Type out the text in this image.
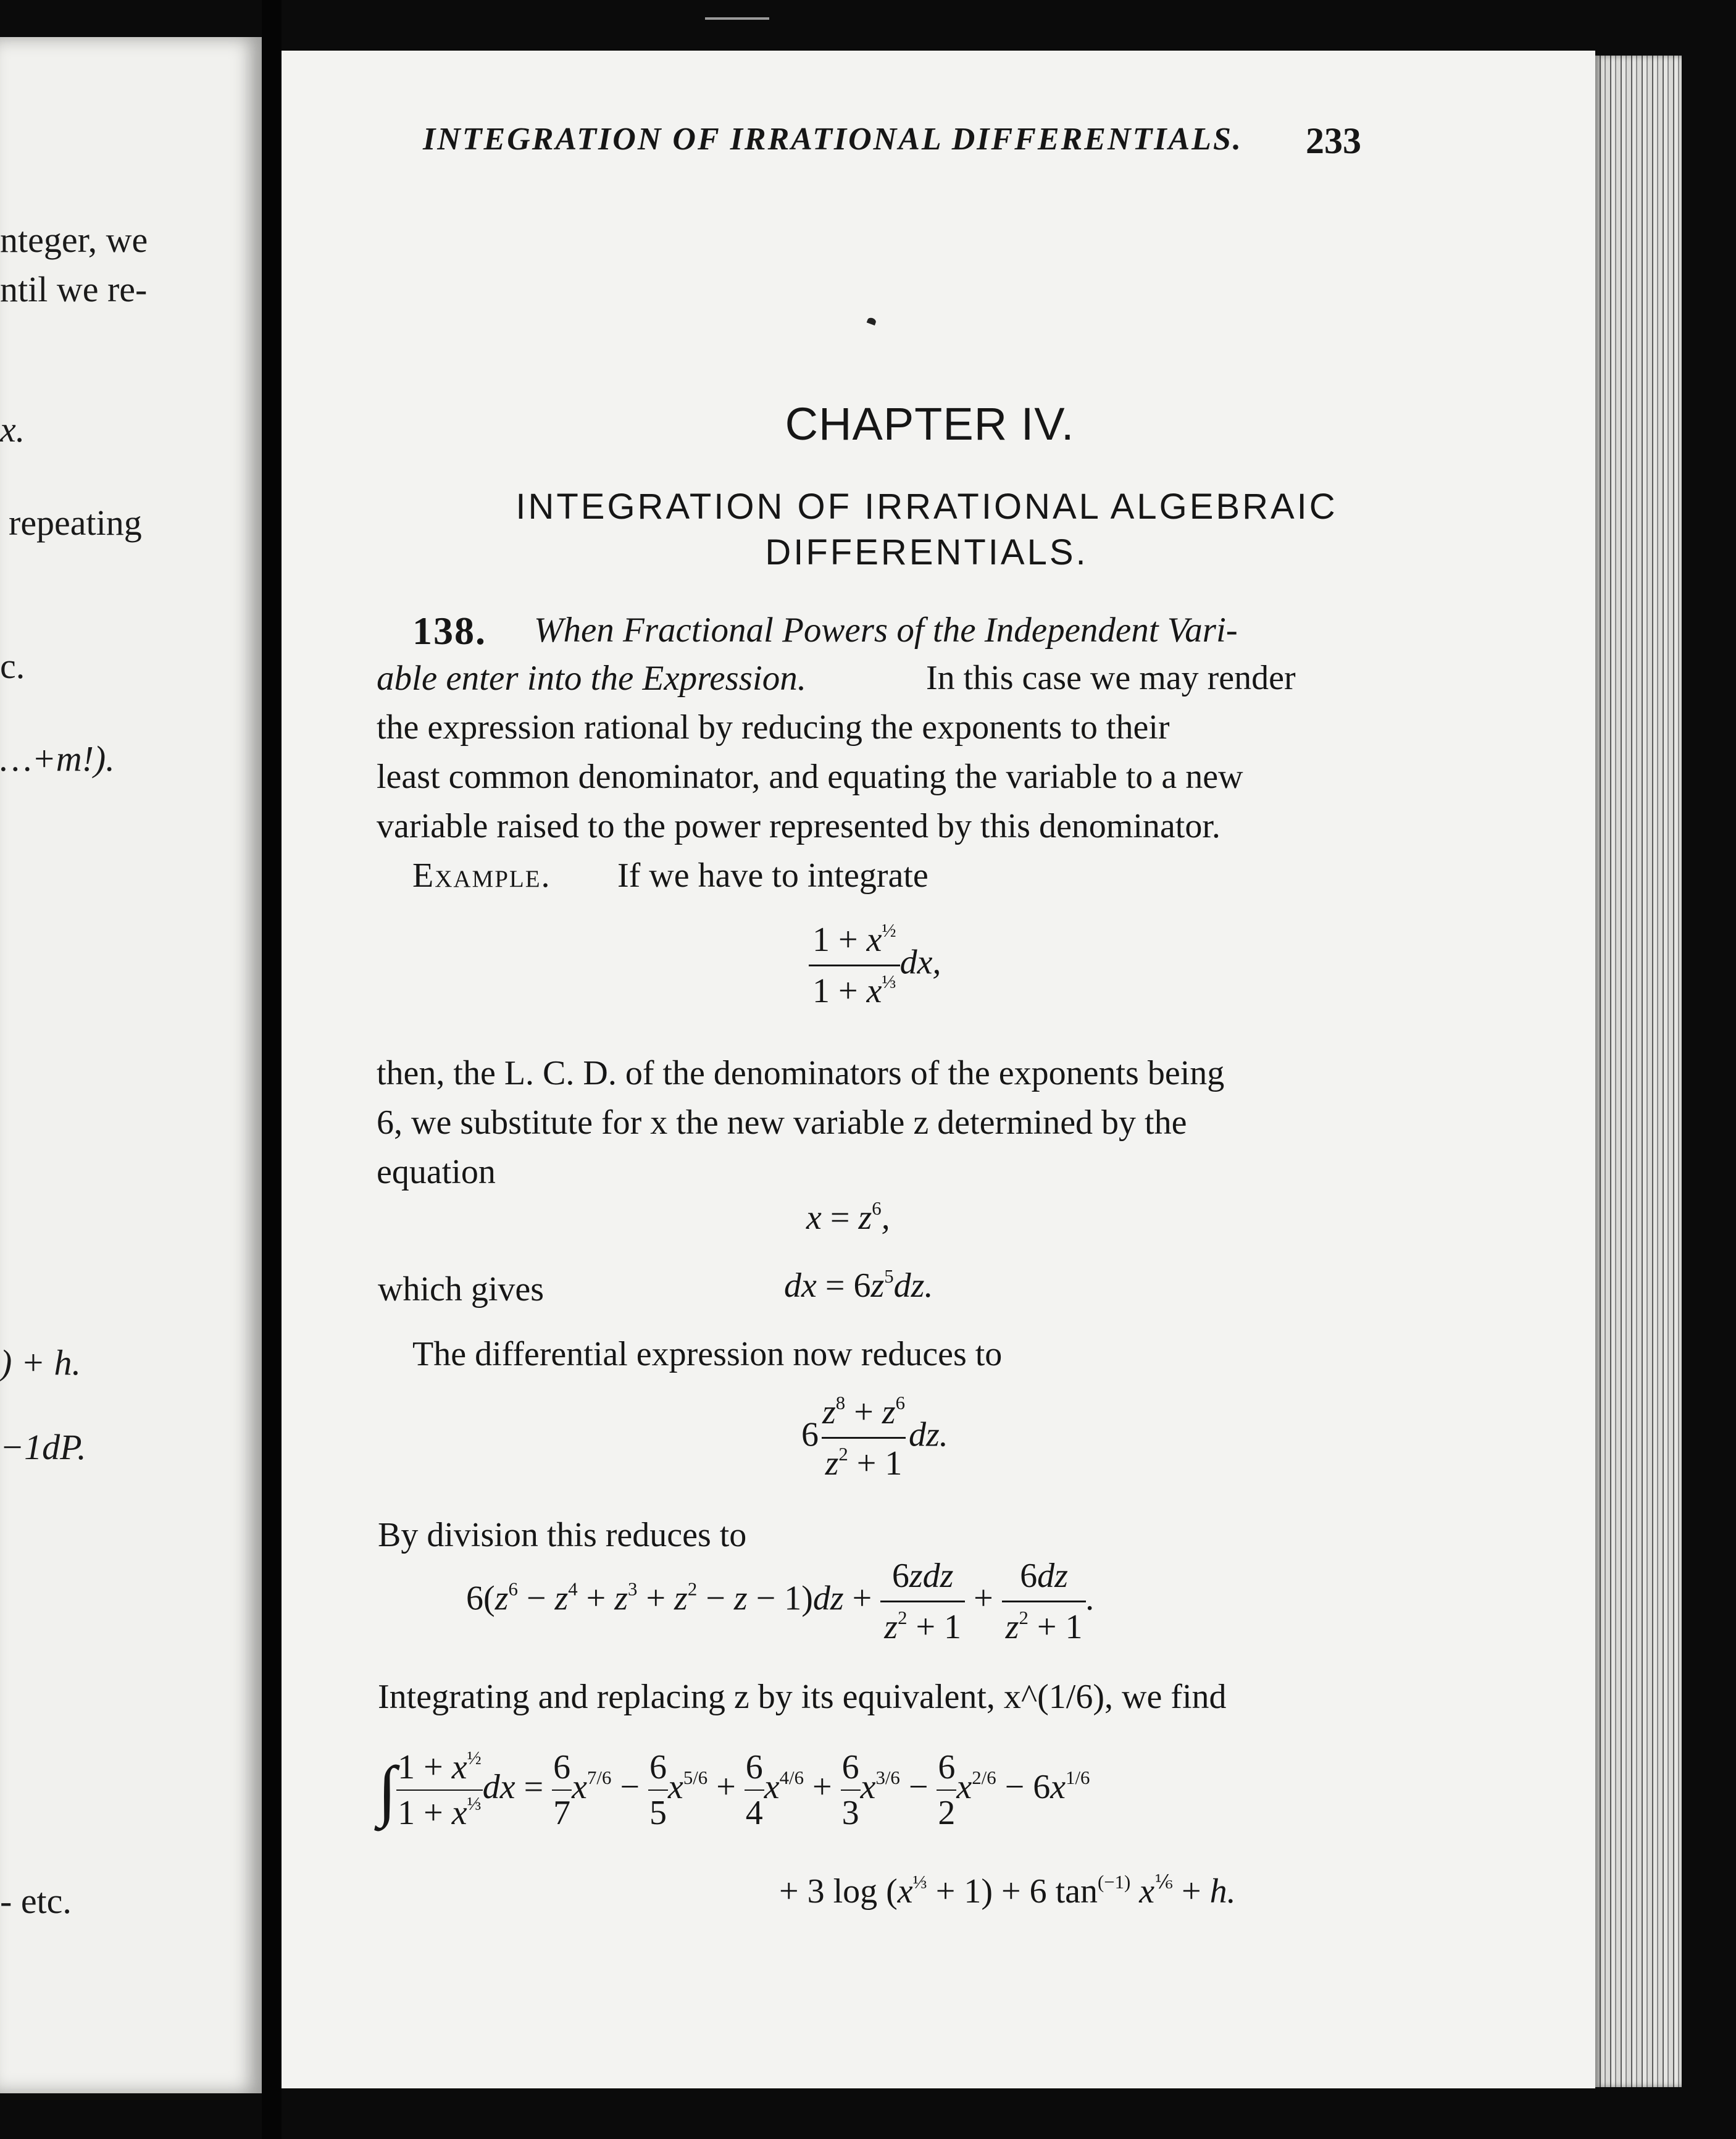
nteger, we
ntil we re-
x.
repeating
c.
…+m!).
) + h.
−1dP.
- etc.
INTEGRATION OF IRRATIONAL DIFFERENTIALS. 233
CHAPTER IV.
INTEGRATION OF IRRATIONAL ALGEBRAIC
DIFFERENTIALS.
138. When Fractional Powers of the Independent Vari-
able enter into the Expression.	In this case we may render
the expression rational by reducing the exponents to their
least common denominator, and equating the variable to a new
variable raised to the power represented by this denominator.
Example. If we have to integrate
$\frac{1 + x^{\frac{1}{2}}}{1 + x^{\frac{1}{3}}}$ dx,
then, the L. C. D. of the denominators of the exponents being
6, we substitute for x the new variable z determined by the
equation
$x = z^6$,
which gives	dx = $6z^5dz$.
The differential expression now reduces to
$6 \frac{z^8 + z^6}{z^2 + 1}$ dz.
By division this reduces to
$6(z^6 - z^4 + z^3 + z^2 - z - 1)dz + \frac{\text{6zdz}}{z^2 + 1} + \frac{6dz}{z^2 + 1}$ .
Integrating and replacing z by its equivalent, x^(1/6), we find
∫ $\frac{1 + x^{\frac{1}{2}}}{1 + x^{\frac{1}{3}}}$ dx = $\frac{6}{7} x^{7/6} - \frac{6}{5} x^{5/6} + \frac{6}{4} x^{4/6} + \frac{6}{3} x^{3/6} - \frac{6}{2} x^{2/6} - 6x^{1/6}$
+ 3 $\log (x^{\frac{1}{3}} + 1) + 6$ $\tan^{(-1)} x^{\frac{1}{6}} + h$.
